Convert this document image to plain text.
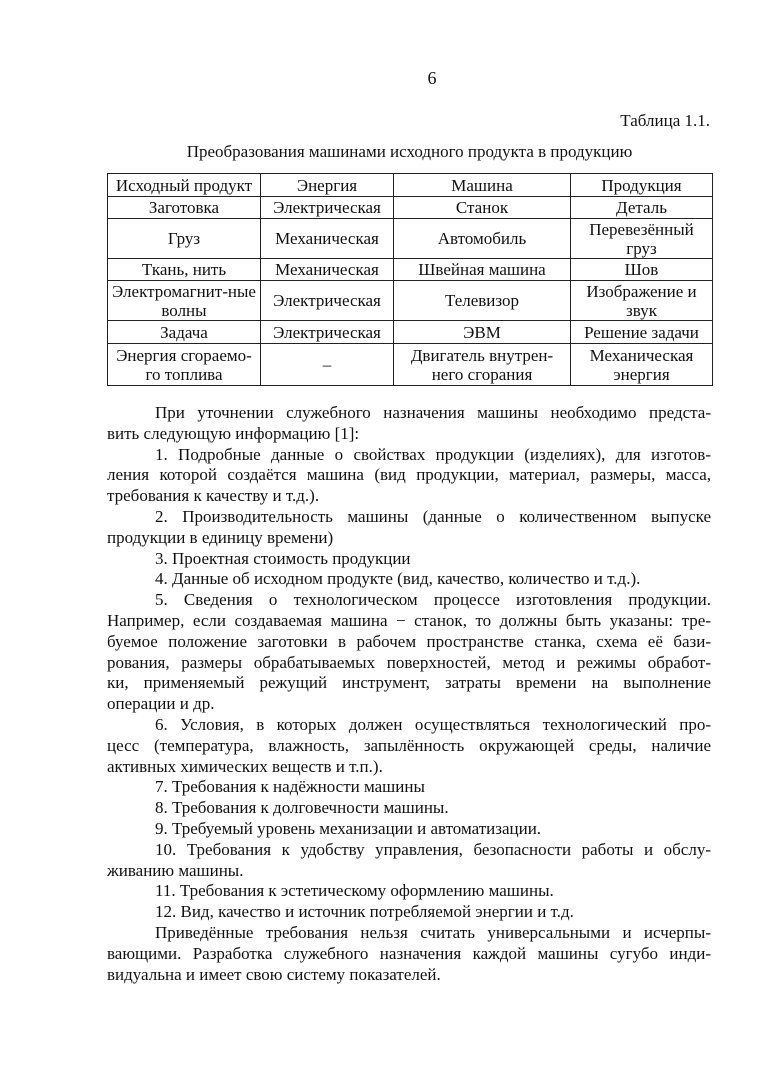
6
Таблица 1.1.
Преобразования машинами исходного продукта в продукцию
Исходный продукт	Энергия	Машина	Продукция
Заготовка	Электрическая	Станок	Деталь
Груз	Механическая	Автомобиль	Перевезённый груз
Ткань, нить	Механическая	Швейная машина	Шов
Электромагнит-ные волны	Электрическая	Телевизор	Изображение и звук
Задача	Электрическая	ЭВМ	Решение задачи
Энергия сгораемо-го топлива	–	Двигатель внутрен-него сгорания	Механическая энергия
При уточнении служебного назначения машины необходимо предста-
вить следующую информацию [1]:
1. Подробные данные о свойствах продукции (изделиях), для изготов-
ления которой создаётся машина (вид продукции, материал, размеры, масса,
требования к качеству и т.д.).
2. Производительность машины (данные о количественном выпуске
продукции в единицу времени)
3. Проектная стоимость продукции
4. Данные об исходном продукте (вид, качество, количество и т.д.).
5. Сведения о технологическом процессе изготовления продукции.
Например, если создаваемая машина − станок, то должны быть указаны: тре-
буемое положение заготовки в рабочем пространстве станка, схема её бази-
рования, размеры обрабатываемых поверхностей, метод и режимы обработ-
ки, применяемый режущий инструмент, затраты времени на выполнение
операции и др.
6. Условия, в которых должен осуществляться технологический про-
цесс (температура, влажность, запылённость окружающей среды, наличие
активных химических веществ и т.п.).
7. Требования к надёжности машины
8. Требования к долговечности машины.
9. Требуемый уровень механизации и автоматизации.
10. Требования к удобству управления, безопасности работы и обслу-
живанию машины.
11. Требования к эстетическому оформлению машины.
12. Вид, качество и источник потребляемой энергии и т.д.
Приведённые требования нельзя считать универсальными и исчерпы-
вающими. Разработка служебного назначения каждой машины сугубо инди-
видуальна и имеет свою систему показателей.
